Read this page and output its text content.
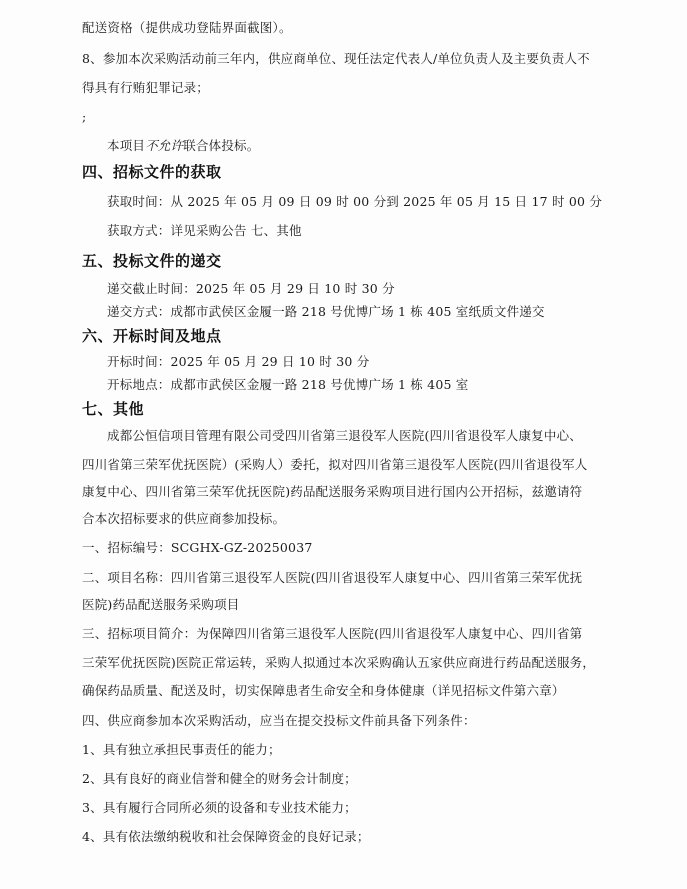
配送资格（提供成功登陆界面截图）。
8、参加本次采购活动前三年内，供应商单位、现任法定代表人/单位负责人及主要负责人不
得具有行贿犯罪记录；
;
本项目不允许联合体投标。
四、招标文件的获取
获取时间：从 2025 年 05 月 09 日 09 时 00 分到 2025 年 05 月 15 日 17 时 00 分
获取方式：详见采购公告 七、其他
五、投标文件的递交
递交截止时间：2025 年 05 月 29 日 10 时 30 分
递交方式：成都市武侯区金履一路 218 号优博广场 1 栋 405 室纸质文件递交
六、开标时间及地点
开标时间：2025 年 05 月 29 日 10 时 30 分
开标地点：成都市武侯区金履一路 218 号优博广场 1 栋 405 室
七、其他
成都公恒信项目管理有限公司受四川省第三退役军人医院(四川省退役军人康复中心、
四川省第三荣军优抚医院）(采购人）委托，拟对四川省第三退役军人医院(四川省退役军人
康复中心、四川省第三荣军优抚医院)药品配送服务采购项目进行国内公开招标，兹邀请符
合本次招标要求的供应商参加投标。
一、招标编号：SCGHX-GZ-20250037
二、项目名称：四川省第三退役军人医院(四川省退役军人康复中心、四川省第三荣军优抚
医院)药品配送服务采购项目
三、招标项目简介：为保障四川省第三退役军人医院(四川省退役军人康复中心、四川省第
三荣军优抚医院)医院正常运转，采购人拟通过本次采购确认五家供应商进行药品配送服务，
确保药品质量、配送及时，切实保障患者生命安全和身体健康（详见招标文件第六章）
四、供应商参加本次采购活动，应当在提交投标文件前具备下列条件：
1、具有独立承担民事责任的能力；
2、具有良好的商业信誉和健全的财务会计制度；
3、具有履行合同所必须的设备和专业技术能力；
4、具有依法缴纳税收和社会保障资金的良好记录；
